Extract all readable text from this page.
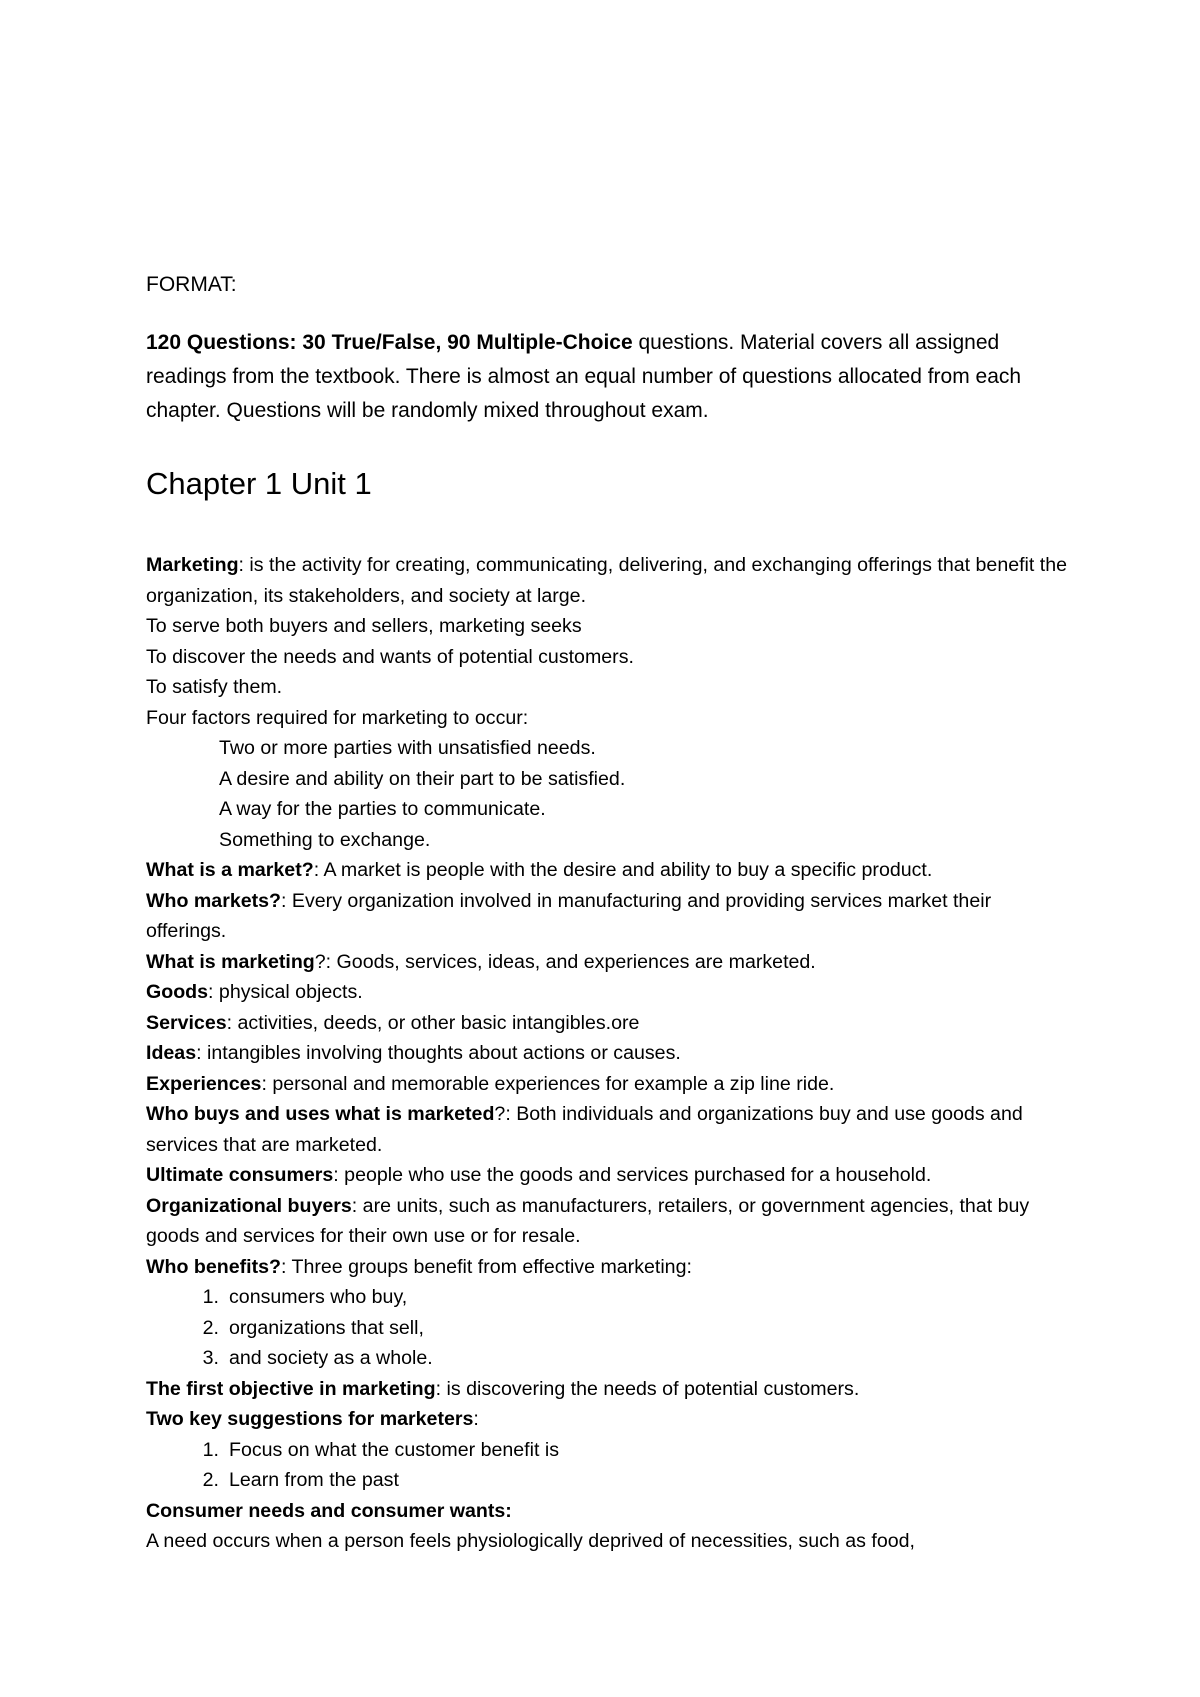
FORMAT:
120 Questions: 30 True/False, 90 Multiple-Choice questions. Material covers all assigned readings from the textbook. There is almost an equal number of questions allocated from each chapter. Questions will be randomly mixed throughout exam.
Chapter 1 Unit 1
Marketing: is the activity for creating, communicating, delivering, and exchanging offerings that benefit the organization, its stakeholders, and society at large.
To serve both buyers and sellers, marketing seeks
To discover the needs and wants of potential customers.
To satisfy them.
Four factors required for marketing to occur:
Two or more parties with unsatisfied needs.
A desire and ability on their part to be satisfied.
A way for the parties to communicate.
Something to exchange.
What is a market?: A market is people with the desire and ability to buy a specific product.
Who markets?: Every organization involved in manufacturing and providing services market their offerings.
What is marketing?: Goods, services, ideas, and experiences are marketed.
Goods: physical objects.
Services: activities, deeds, or other basic intangibles.ore
Ideas: intangibles involving thoughts about actions or causes.
Experiences: personal and memorable experiences for example a zip line ride.
Who buys and uses what is marketed?: Both individuals and organizations buy and use goods and services that are marketed.
Ultimate consumers: people who use the goods and services purchased for a household.
Organizational buyers: are units, such as manufacturers, retailers, or government agencies, that buy goods and services for their own use or for resale.
Who benefits?: Three groups benefit from effective marketing:
1. consumers who buy,
2. organizations that sell,
3. and society as a whole.
The first objective in marketing: is discovering the needs of potential customers.
Two key suggestions for marketers:
1. Focus on what the customer benefit is
2. Learn from the past
Consumer needs and consumer wants:
A need occurs when a person feels physiologically deprived of necessities, such as food,
